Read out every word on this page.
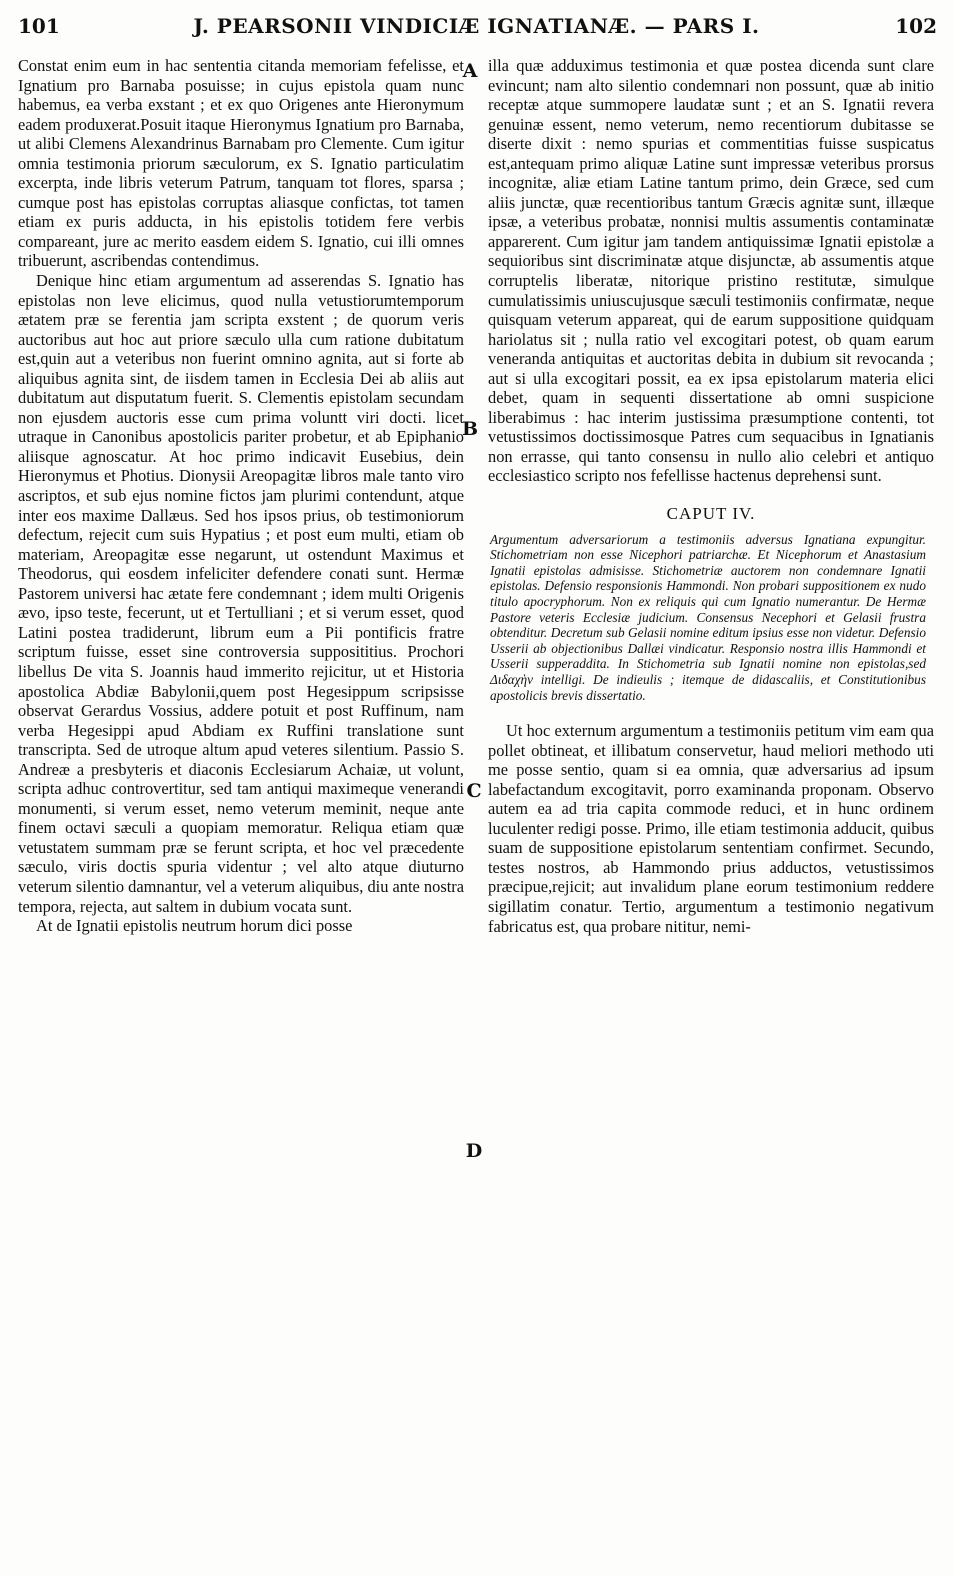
101	J. PEARSONII VINDICIÆ IGNATIANÆ. — PARS I.	102
A
B
C
D

Constat enim eum in hac sententia citanda memoriam fefelisse, et Ignatium pro Barnaba posuisse; in cujus epistola quam nunc habemus, ea verba exstant ; et ex quo Origenes ante Hieronymum eadem produxerat.Posuit itaque Hieronymus Ignatium pro Barnaba, ut alibi Clemens Alexandrinus Barnabam pro Clemente. Cum igitur omnia testimonia priorum sæculorum, ex S. Ignatio particulatim excerpta, inde libris veterum Patrum, tanquam tot flores, sparsa ; cumque post has epistolas corruptas aliasque confictas, tot tamen etiam ex puris adducta, in his epistolis totidem fere verbis compareant, jure ac merito easdem eidem S. Ignatio, cui illi omnes tribuerunt, ascribendas contendimus.

Denique hinc etiam argumentum ad asserendas S. Ignatio has epistolas non leve elicimus, quod nulla vetustiorumtemporum ætatem præ se ferentia jam scripta exstent ; de quorum veris auctoribus aut hoc aut priore sæculo ulla cum ratione dubitatum est,quin aut a veteribus non fuerint omnino agnita, aut si forte ab aliquibus agnita sint, de iisdem tamen in Ecclesia Dei ab aliis aut dubitatum aut disputatum fuerit. S. Clementis epistolam secundam non ejusdem auctoris esse cum prima voluntt viri docti. licet utraque in Canonibus apostolicis pariter probetur, et ab Epiphanio aliisque agnoscatur. At hoc primo indicavit Eusebius, dein Hieronymus et Photius. Dionysii Areopagitæ libros male tanto viro ascriptos, et sub ejus nomine fictos jam plurimi contendunt, atque inter eos maxime Dallæus. Sed hos ipsos prius, ob testimoniorum defectum, rejecit cum suis Hypatius ; et post eum multi, etiam ob materiam, Areopagitæ esse negarunt, ut ostendunt Maximus et Theodorus, qui eosdem infeliciter defendere conati sunt. Hermæ Pastorem universi hac ætate fere condemnant ; idem multi Origenis ævo, ipso teste, fecerunt, ut et Tertulliani ; et si verum esset, quod Latini postea tradiderunt, librum eum a Pii pontificis fratre scriptum fuisse, esset sine controversia supposititius. Prochori libellus De vita S. Joannis haud immerito rejicitur, ut et Historia apostolica Abdiæ Babylonii,quem post Hegesippum scripsisse observat Gerardus Vossius, addere potuit et post Ruffinum, nam verba Hegesippi apud Abdiam ex Ruffini translatione sunt transcripta. Sed de utroque altum apud veteres silentium. Passio S. Andreæ a presbyteris et diaconis Ecclesiarum Achaiæ, ut volunt, scripta adhuc controvertitur, sed tam antiqui maximeque venerandi monumenti, si verum esset, nemo veterum meminit, neque ante finem octavi sæculi a quopiam memoratur. Reliqua etiam quæ vetustatem summam præ se ferunt scripta, et hoc vel præcedente sæculo, viris doctis spuria videntur ; vel alto atque diuturno veterum silentio damnantur, vel a veterum aliquibus, diu ante nostra tempora, rejecta, aut saltem in dubium vocata sunt.

At de Ignatii epistolis neutrum horum dici posse

illa quæ adduximus testimonia et quæ postea dicenda sunt clare evincunt; nam alto silentio condemnari non possunt, quæ ab initio receptæ atque summopere laudatæ sunt ; et an S. Ignatii revera genuinæ essent, nemo veterum, nemo recentiorum dubitasse se diserte dixit : nemo spurias et commentitias fuisse suspicatus est,antequam primo aliquæ Latine sunt impressæ veteribus prorsus incognitæ, aliæ etiam Latine tantum primo, dein Græce, sed cum aliis junctæ, quæ recentioribus tantum Græcis agnitæ sunt, illæque ipsæ, a veteribus probatæ, nonnisi multis assumentis contaminatæ apparerent. Cum igitur jam tandem antiquissimæ Ignatii epistolæ a sequioribus sint discriminatæ atque disjunctæ, ab assumentis atque corruptelis liberatæ, nitorique pristino restitutæ, simulque cumulatissimis uniuscujusque sæculi testimoniis confirmatæ, neque quisquam veterum appareat, qui de earum suppositione quidquam hariolatus sit ; nulla ratio vel excogitari potest, ob quam earum veneranda antiquitas et auctoritas debita in dubium sit revocanda ; aut si ulla excogitari possit, ea ex ipsa epistolarum materia elici debet, quam in sequenti dissertatione ab omni suspicione liberabimus : hac interim justissima præsumptione contenti, tot vetustissimos doctissimosque Patres cum sequacibus in Ignatianis non errasse, qui tanto consensu in nullo alio celebri et antiquo ecclesiastico scripto nos fefellisse hactenus deprehensi sunt.

CAPUT IV.
Argumentum adversariorum a testimoniis adversus Ignatiana expungitur. Stichometriam non esse Nicephori patriarchæ. Et Nicephorum et Anastasium Ignatii epistolas admisisse. Stichometriæ auctorem non condemnare Ignatii epistolas. Defensio responsionis Hammondi. Non probari suppositionem ex nudo titulo apocryphorum. Non ex reliquis qui cum Ignatio numerantur. De Hermæ Pastore veteris Ecclesiæ judicium. Consensus Necephori et Gelasii frustra obtenditur. Decretum sub Gelasii nomine editum ipsius esse non videtur. Defensio Usserii ab objectionibus Dallæi vindicatur. Responsio nostra illis Hammondi et Usserii supperaddita. In Stichometria sub Ignatii nomine non epistolas,sed Διδαχὴν intelligi. De indieulis ; itemque de didascaliis, et Constitutionibus apostolicis brevis dissertatio.

Ut hoc externum argumentum a testimoniis petitum vim eam qua pollet obtineat, et illibatum conservetur, haud meliori methodo uti me posse sentio, quam si ea omnia, quæ adversarius ad ipsum labefactandum excogitavit, porro examinanda proponam. Observo autem ea ad tria capita commode reduci, et in hunc ordinem luculenter redigi posse. Primo, ille etiam testimonia adducit, quibus suam de suppositione epistolarum sententiam confirmet. Secundo, testes nostros, ab Hammondo prius adductos, vetustissimos præcipue,rejicit; aut invalidum plane eorum testimonium reddere sigillatim conatur. Tertio, argumentum a testimonio negativum fabricatus est, qua probare nititur, nemi-
